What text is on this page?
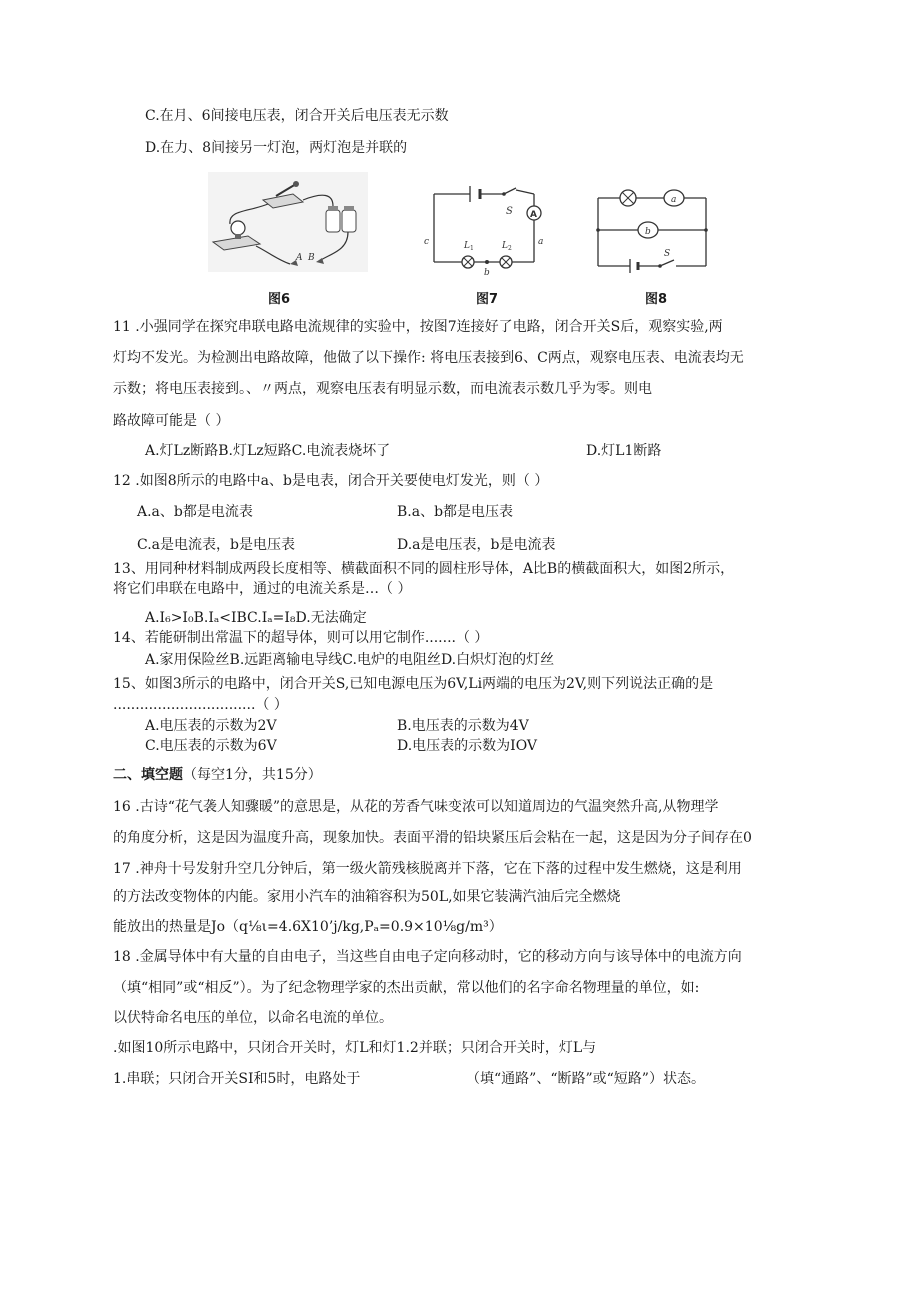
C.在月、6间接电压表，闭合开关后电压表无示数
D.在力、8间接另一灯泡，两灯泡是并联的
A B
图6
S A
L 1	L 2
c	a
b
图7
a
b
S
图8
11 .小强同学在探究串联电路电流规律的实验中，按图7连接好了电路，闭合开关S后，观察实验,两
灯均不发光。为检测出电路故障，他做了以下操作: 将电压表接到6、C两点，观察电压表、电流表均无
示数；将电压表接到。、〃两点，观察电压表有明显示数，而电流表示数几乎为零。则电
路故障可能是（ ）
A.灯Lz断路B.灯Lz短路C.电流表烧坏了	D.灯L1断路
12 .如图8所示的电路中a、b是电表，闭合开关要使电灯发光，则（ ）
A.a、b都是电流表	B.a、b都是电压表
C.a是电流表，b是电压表	D.a是电压表，b是电流表
13、用同种材料制成两段长度相等、横截面积不同的圆柱形导体，A比B的横截面积大，如图2所示，
将它们串联在电路中，通过的电流关系是…（ ）
A.I₆>I₀B.Iₐ<IBC.Iₐ=I₈D.无法确定
14、若能研制出常温下的超导体，则可以用它制作.......（ ）
A.家用保险丝B.远距离输电导线C.电炉的电阻丝D.白炽灯泡的灯丝
15、如图3所示的电路中，闭合开关S,已知电源电压为6V,Li两端的电压为2V,则下列说法正确的是
................................（ ）
A.电压表的示数为2V	B.电压表的示数为4V
C.电压表的示数为6V	D.电压表的示数为IOV
二、填空题（每空1分，共15分）
16 .古诗“花气袭人知骤暖”的意思是，从花的芳香气味变浓可以知道周边的气温突然升高,从物理学
的角度分析，这是因为温度升高，现象加快。表面平滑的铅块紧压后会粘在一起，这是因为分子间存在0
17 .神舟十号发射升空几分钟后，第一级火箭残核脱离并下落，它在下落的过程中发生燃烧，这是利用
的方法改变物体的内能。家用小汽车的油箱容积为50L,如果它装满汽油后完全燃烧
能放出的热量是Jo（q⅛ι=4.6X10’j/kg,Pₐ=0.9×10⅛g/m³）
18 .金属导体中有大量的自由电子，当这些自由电子定向移动时，它的移动方向与该导体中的电流方向
（填“相同”或“相反”）。为了纪念物理学家的杰出贡献，常以他们的名字命名物理量的单位，如:
以伏特命名电压的单位，以命名电流的单位。
.如图10所示电路中，只闭合开关时，灯L和灯1.2并联；只闭合开关时，灯L与
1.串联；只闭合开关SI和5时，电路处于	（填“通路”、“断路”或“短路”）状态。
